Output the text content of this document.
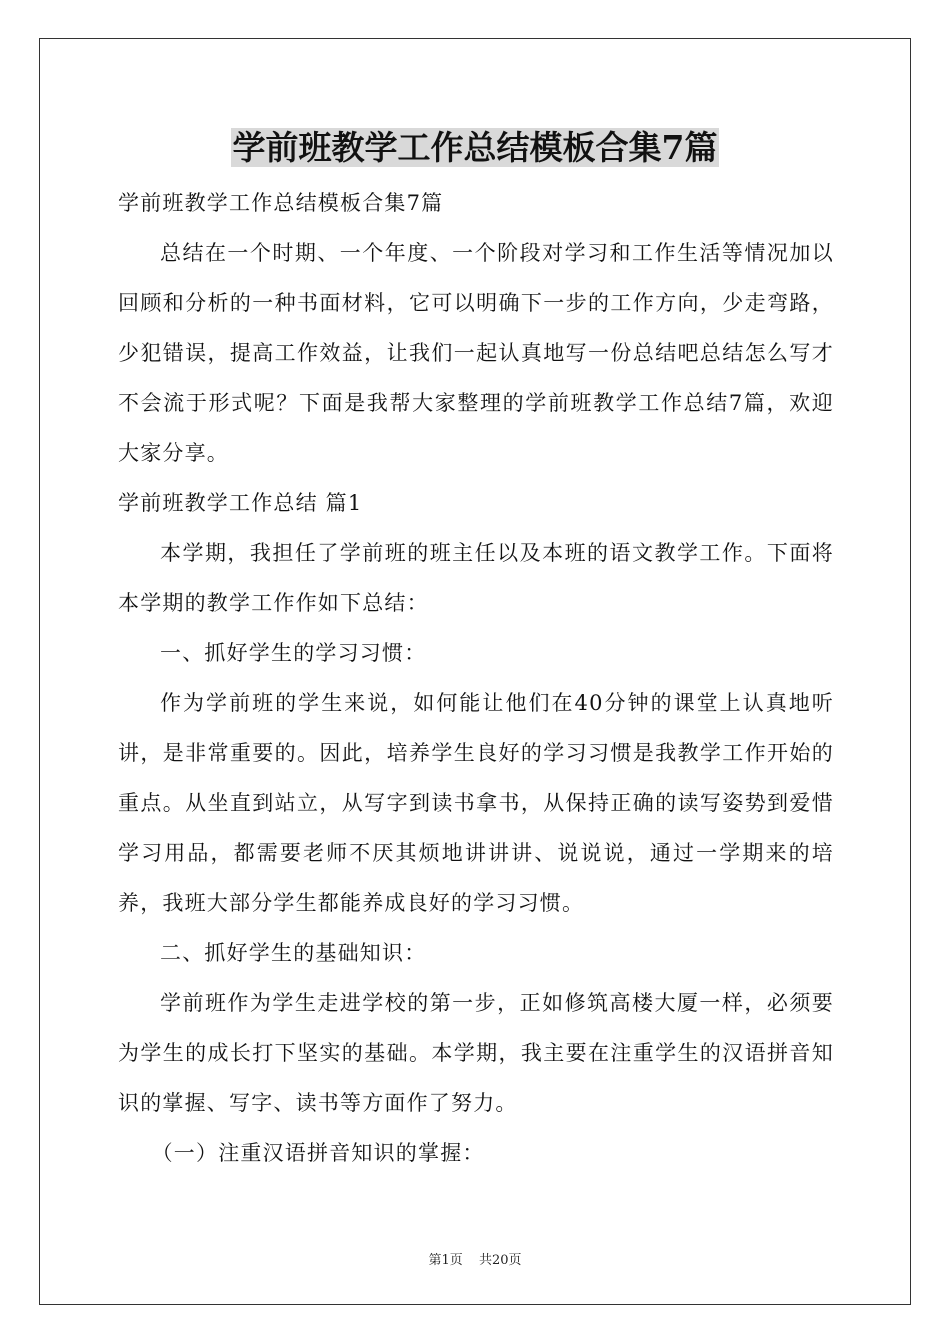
学前班教学工作总结模板合集7篇

学前班教学工作总结模板合集7篇

总结在一个时期、一个年度、一个阶段对学习和工作生活等情况加以回顾和分析的一种书面材料，它可以明确下一步的工作方向，少走弯路，少犯错误，提高工作效益，让我们一起认真地写一份总结吧总结怎么写才不会流于形式呢？下面是我帮大家整理的学前班教学工作总结7篇，欢迎大家分享。

学前班教学工作总结 篇1

本学期，我担任了学前班的班主任以及本班的语文教学工作。下面将本学期的教学工作作如下总结：

一、抓好学生的学习习惯：

作为学前班的学生来说，如何能让他们在40分钟的课堂上认真地听讲，是非常重要的。因此，培养学生良好的学习习惯是我教学工作开始的重点。从坐直到站立，从写字到读书拿书，从保持正确的读写姿势到爱惜学习用品，都需要老师不厌其烦地讲讲讲、说说说，通过一学期来的培养，我班大部分学生都能养成良好的学习习惯。

二、抓好学生的基础知识：

学前班作为学生走进学校的第一步，正如修筑高楼大厦一样，必须要为学生的成长打下坚实的基础。本学期，我主要在注重学生的汉语拼音知识的掌握、写字、读书等方面作了努力。

（一）注重汉语拼音知识的掌握：

第1页 共20页
